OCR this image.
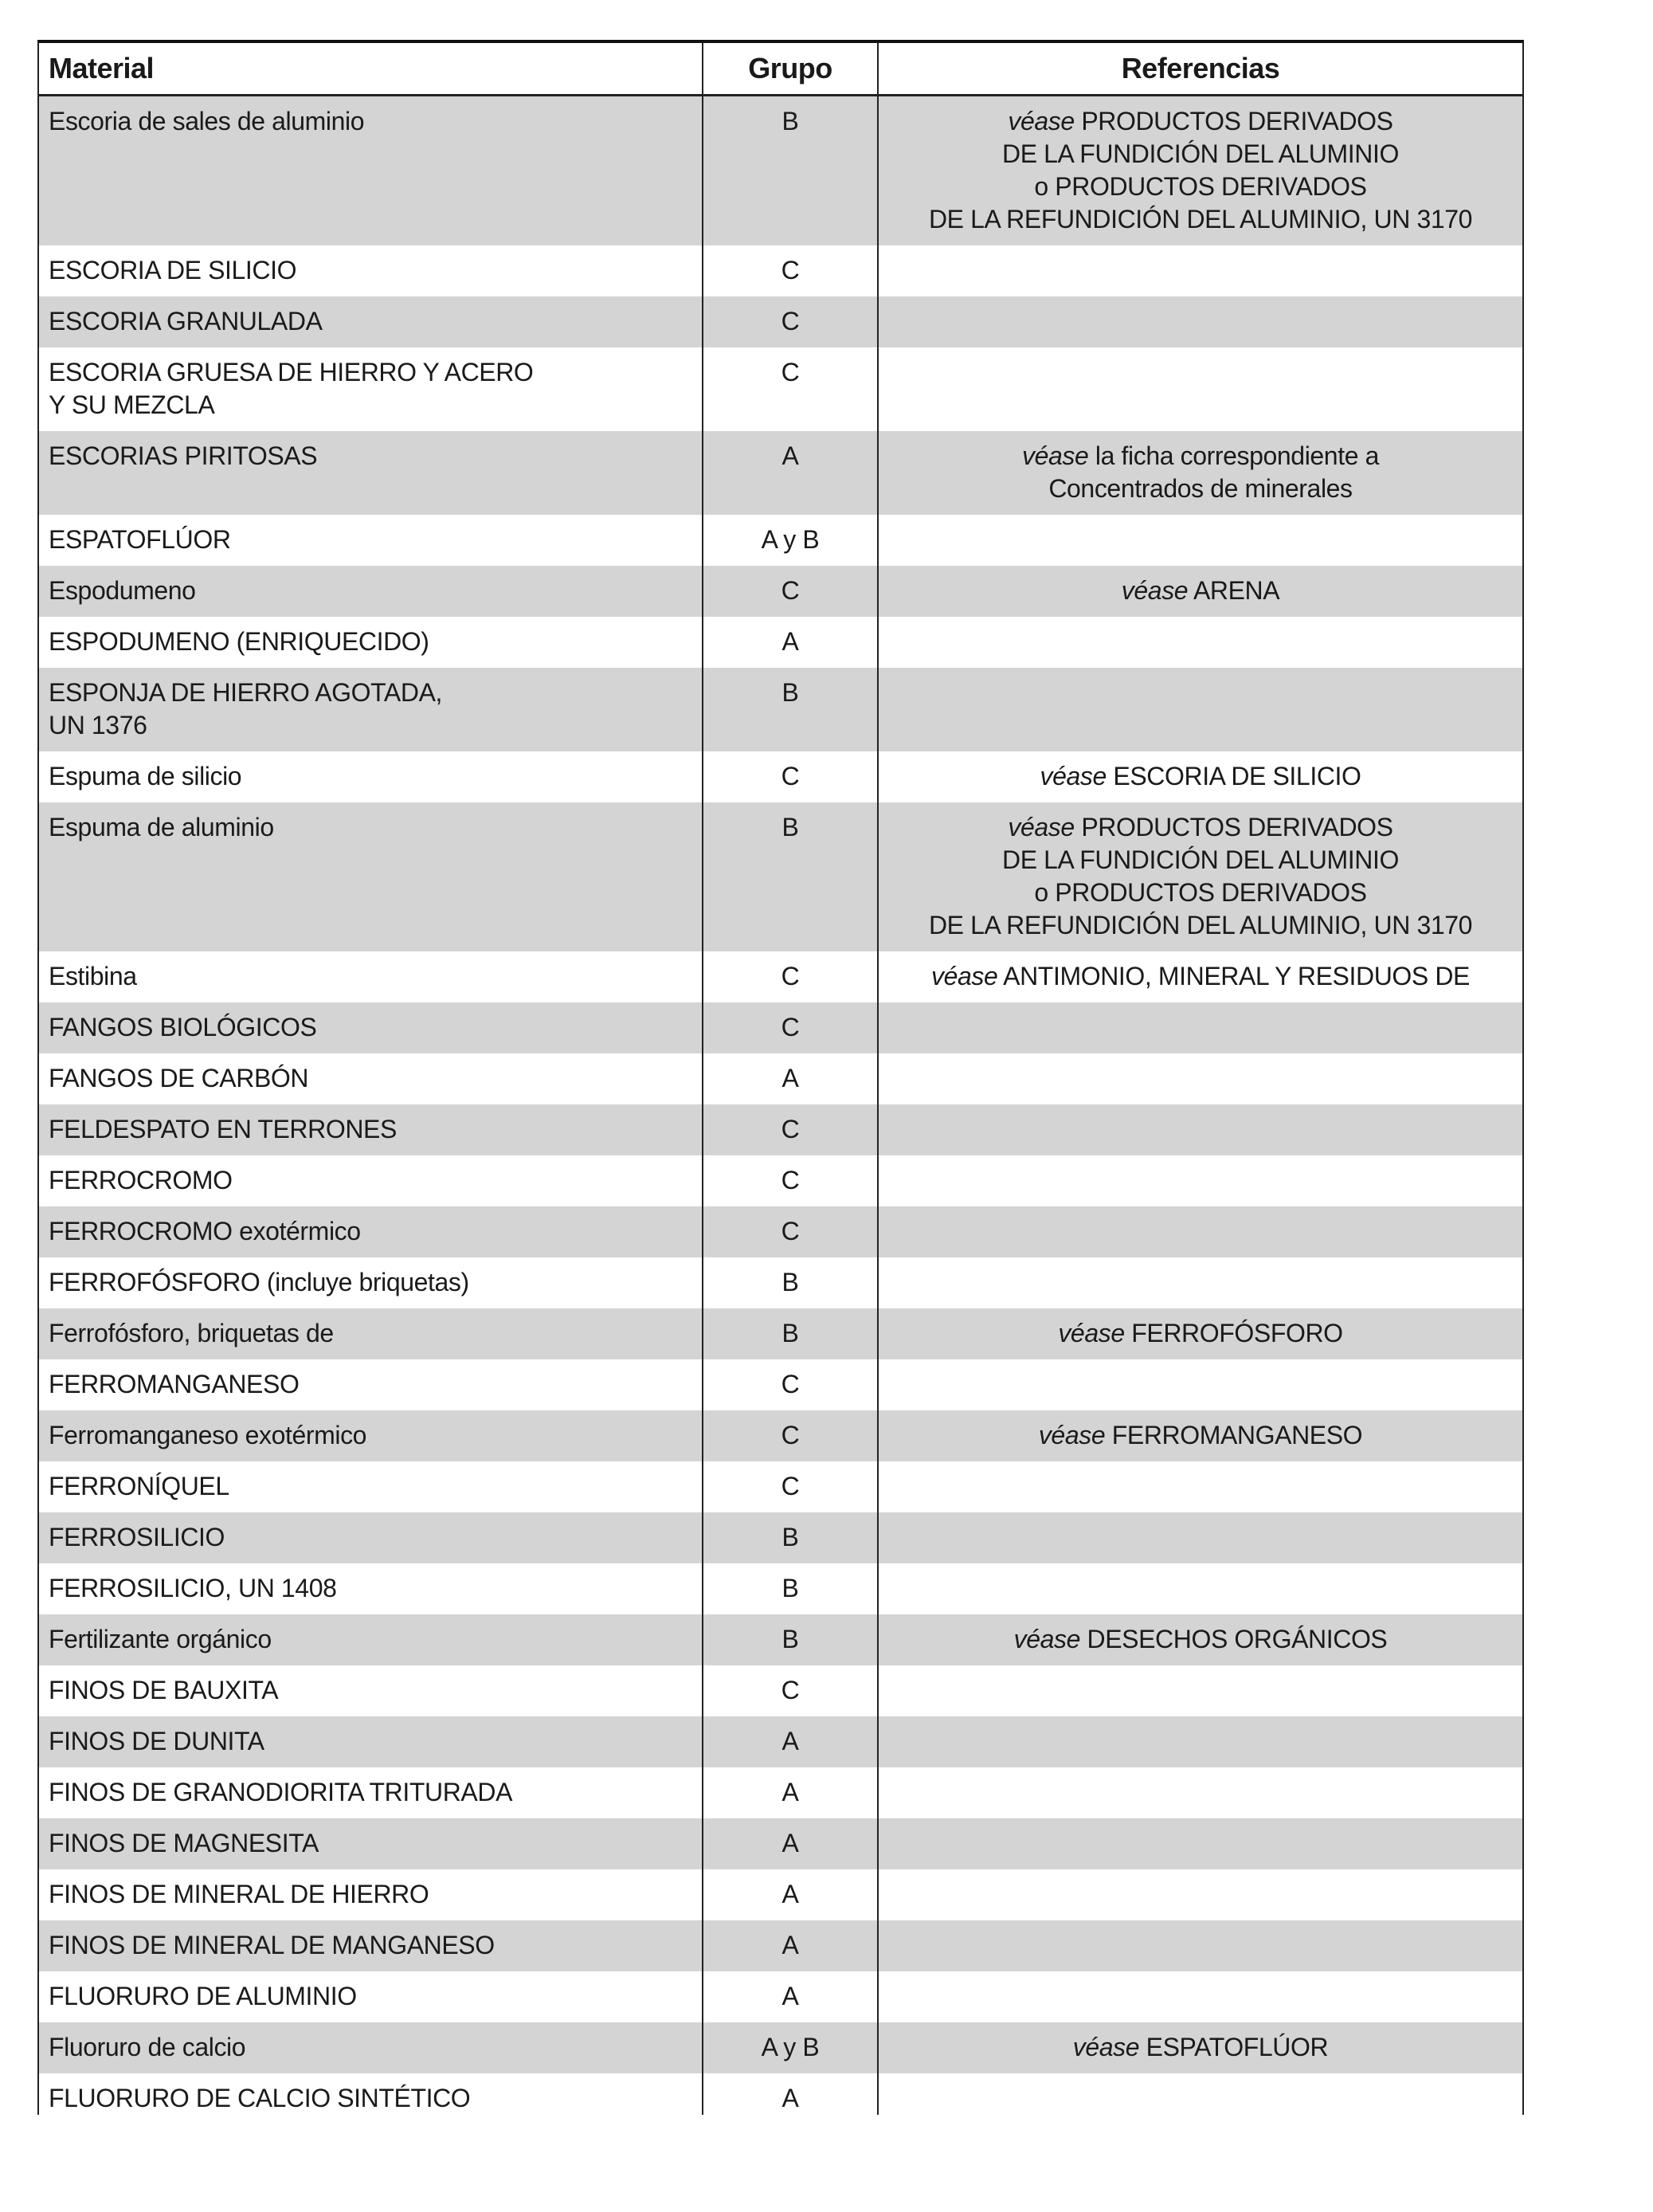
Material	Grupo	Referencias

Escoria de sales de aluminio	B	véase PRODUCTOS DERIVADOS
DE LA FUNDICIÓN DEL ALUMINIO
o PRODUCTOS DERIVADOS
DE LA REFUNDICIÓN DEL ALUMINIO, UN 3170

ESCORIA DE SILICIO	C	

ESCORIA GRANULADA	C	

ESCORIA GRUESA DE HIERRO Y ACERO
Y SU MEZCLA	C	

ESCORIAS PIRITOSAS	A	véase la ficha correspondiente a
Concentrados de minerales

ESPATOFLÚOR	A y B	

Espodumeno	C	véase ARENA

ESPODUMENO (ENRIQUECIDO)	A	

ESPONJA DE HIERRO AGOTADA,
UN 1376	B	

Espuma de silicio	C	véase ESCORIA DE SILICIO

Espuma de aluminio	B	véase PRODUCTOS DERIVADOS
DE LA FUNDICIÓN DEL ALUMINIO
o PRODUCTOS DERIVADOS
DE LA REFUNDICIÓN DEL ALUMINIO, UN 3170

Estibina	C	véase ANTIMONIO, MINERAL Y RESIDUOS DE

FANGOS BIOLÓGICOS	C	

FANGOS DE CARBÓN	A	

FELDESPATO EN TERRONES	C	

FERROCROMO	C	

FERROCROMO exotérmico	C	

FERROFÓSFORO (incluye briquetas)	B	

Ferrofósforo, briquetas de	B	véase FERROFÓSFORO

FERROMANGANESO	C	

Ferromanganeso exotérmico	C	véase FERROMANGANESO

FERRONÍQUEL	C	

FERROSILICIO	B	

FERROSILICIO, UN 1408	B	

Fertilizante orgánico	B	véase DESECHOS ORGÁNICOS

FINOS DE BAUXITA	C	

FINOS DE DUNITA	A	

FINOS DE GRANODIORITA TRITURADA	A	

FINOS DE MAGNESITA	A	

FINOS DE MINERAL DE HIERRO	A	

FINOS DE MINERAL DE MANGANESO	A	

FLUORURO DE ALUMINIO	A	

Fluoruro de calcio	A y B	véase ESPATOFLÚOR

FLUORURO DE CALCIO SINTÉTICO	A	
